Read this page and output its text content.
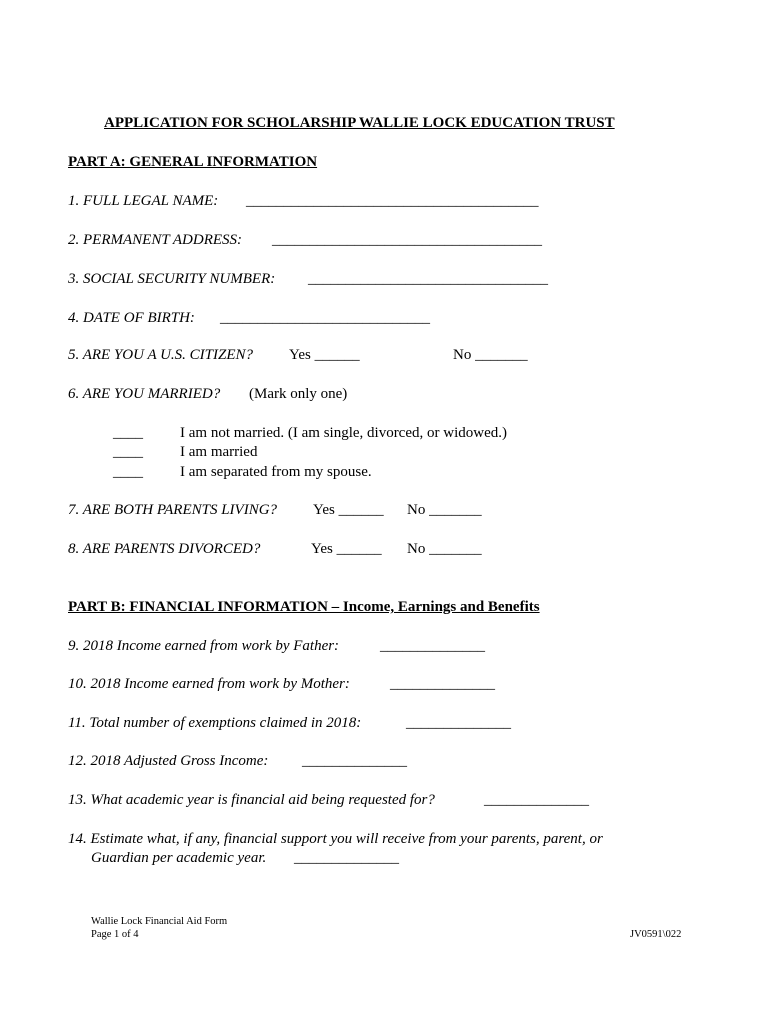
APPLICATION FOR SCHOLARSHIP WALLIE LOCK EDUCATION TRUST
PART A: GENERAL INFORMATION
1. FULL LEGAL NAME: _______________________________________
2. PERMANENT ADDRESS: ____________________________________
3. SOCIAL SECURITY NUMBER: ________________________________
4. DATE OF BIRTH: ____________________________
5. ARE YOU A U.S. CITIZEN? Yes ______	No _______
6. ARE YOU MARRIED? (Mark only one)
____ I am not married. (I am single, divorced, or widowed.)
____ I am married
____ I am separated from my spouse.
7. ARE BOTH PARENTS LIVING? Yes ______ No _______
8. ARE PARENTS DIVORCED?	Yes ______ No _______
PART B: FINANCIAL INFORMATION – Income, Earnings and Benefits
9. 2018 Income earned from work by Father:	______________
10. 2018 Income earned from work by Mother:	______________
11. Total number of exemptions claimed in 2018:	______________
12. 2018 Adjusted Gross Income: ______________
13. What academic year is financial aid being requested for?	______________
14. Estimate what, if any, financial support you will receive from your parents, parent, or
Guardian per academic year. ______________
Wallie Lock Financial Aid Form
Page 1 of 4	JV0591\022
